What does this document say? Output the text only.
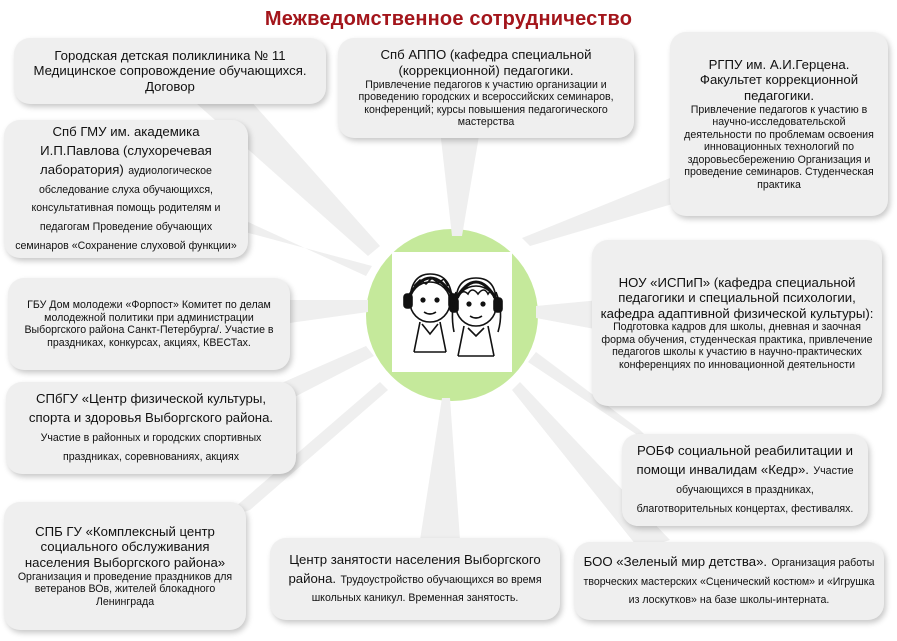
Межведомственное сотрудничество
Городская детская поликлиника № 11 Медицинское сопровождение обучающихся. Договор
Спб АППО (кафедра специальной (коррекционной) педагогики.
Привлечение педагогов к участию организации и проведению городских и всероссийских семинаров, конференций; курсы повышения педагогического мастерства
РГПУ им. А.И.Герцена. Факультет коррекционной педагогики.
Привлечение педагогов к участию в научно-исследовательской деятельности по проблемам освоения инновационных технологий по здоровьесбережению Организация и проведение семинаров. Студенческая практика
Спб ГМУ им. академика И.П.Павлова (слухоречевая лаборатория) аудиологическое обследование слуха обучающихся, консультативная помощь родителям и педагогам Проведение обучающих семинаров «Сохранение слуховой функции»
ГБУ Дом молодежи «Форпост» Комитет по делам молодежной политики при администрации Выборгского района Санкт-Петербурга/. Участие в праздниках, конкурсах, акциях, КВЕСТах.
НОУ «ИСПиП» (кафедра специальной педагогики и специальной психологии, кафедра адаптивной физической культуры):
Подготовка кадров для школы, дневная и заочная форма обучения, студенческая практика, привлечение педагогов школы к участию в научно-практических конференциях по инновационной деятельности
СПбГУ «Центр физической культуры, спорта и здоровья Выборгского района. Участие в районных и городских спортивных праздниках, соревнованиях, акциях	РОБФ социальной реабилитации и помощи инвалидам «Кедр». Участие обучающихся в праздниках, благотворительных концертах, фестивалях.
СПБ ГУ «Комплексный центр социального обслуживания населения Выборгского района»
Организация и проведение праздников для ветеранов ВОв, жителей блокадного Ленинграда
Центр занятости населения Выборгского района. Трудоустройство обучающихся во время школьных каникул. Временная занятость.
БОО «Зеленый мир детства». Организация работы творческих мастерских «Сценический костюм» и «Игрушка из лоскутков» на базе школы-интерната.
